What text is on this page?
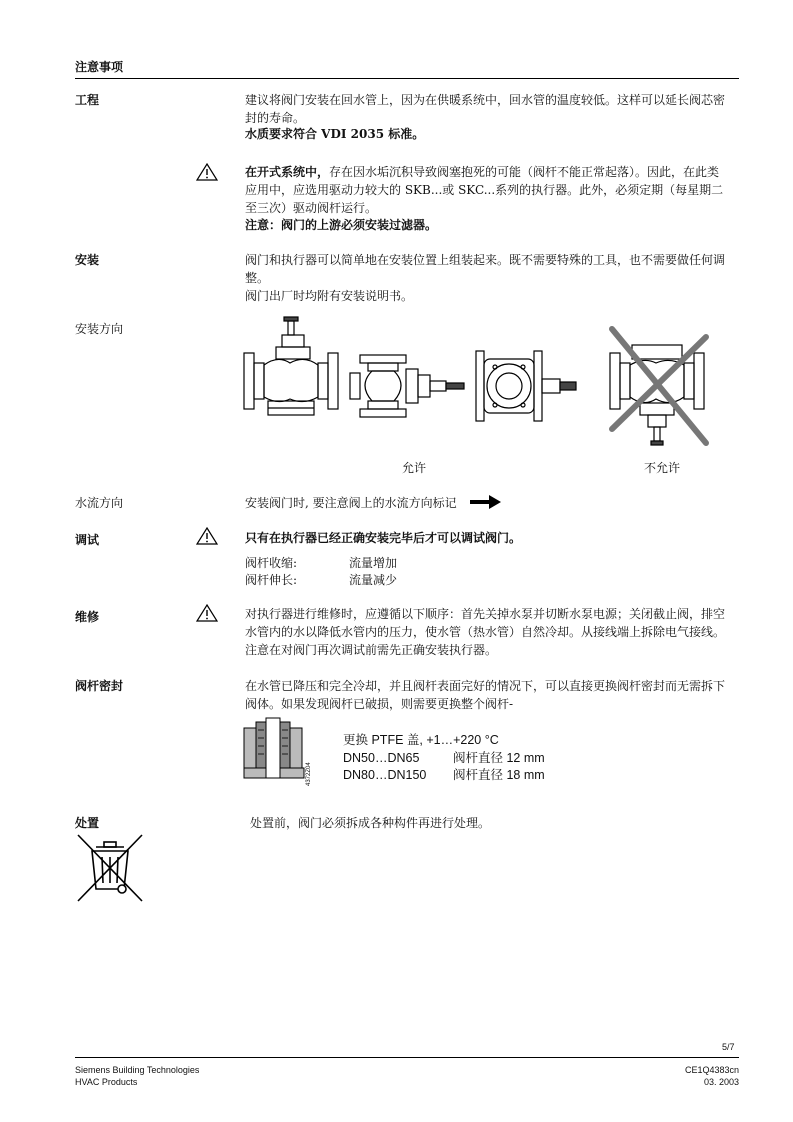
注意事项
工程	建议将阀门安装在回水管上，因为在供暖系统中，回水管的温度较低。这样可以延长阀芯密封的寿命。
水质要求符合 VDI 2035 标准。
在开式系统中，存在因水垢沉积导致阀塞抱死的可能（阀杆不能正常起落）。因此，在此类应用中，应选用驱动力较大的 SKB...或 SKC...系列的执行器。此外，必须定期（每星期二至三次）驱动阀杆运行。
注意：阀门的上游必须安装过滤器。
安装	阀门和执行器可以简单地在安装位置上组装起来。既不需要特殊的工具，也不需要做任何调整。
阀门出厂时均附有安装说明书。
安装方向
允许	不允许
水流方向	安装阀门时, 要注意阀上的水流方向标记
调试	只有在执行器已经正确安装完毕后才可以调试阀门。
阀杆收缩:	流量增加
阀杆伸长:	流量减少
维修	对执行器进行维修时，应遵循以下顺序：首先关掉水泵并切断水泵电源；关闭截止阀，排空水管内的水以降低水管内的压力，使水管（热水管）自然冷却。从接线端上拆除电气接线。注意在对阀门再次调试前需先正确安装执行器。
阀杆密封	在水管已降压和完全冷却，并且阀杆表面完好的情况下，可以直接更换阀杆密封而无需拆下阀体。如果发现阀杆已破损，则需要更换整个阀杆-
4372Z04
更换 PTFE 盖, +1…+220 °C
DN50…DN65	阀杆直径 12 mm
DN80…DN150 阀杆直径 18 mm
处置	处置前，阀门必须拆成各种构件再进行处理。
5/7
Siemens Building Technologies
HVAC Products
CE1Q4383cn
03. 2003
